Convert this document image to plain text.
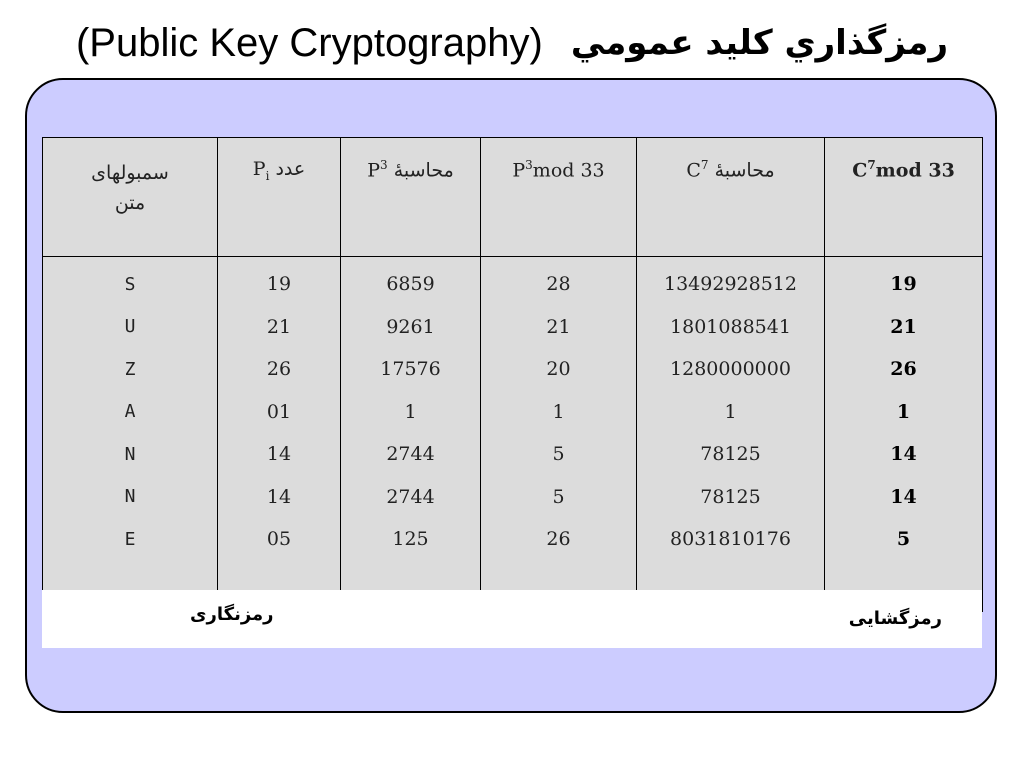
(Public Key Cryptography) رمزگذاري كليد عمومي
سمبولهای متن	$P_i$ عدد	$P^3$ محاسبهٔ	$P^3mod$ 33	$C^7$ محاسبهٔ	$C^7mod$ 33
S	19	6859	28	13492928512	19
U	21	9261	21	1801088541	21
Z	26	17576	20	1280000000	26
A	01	1	1	1	1
N	14	2744	5	78125	14
N	14	2744	5	78125	14
E	05	125	26	8031810176	5

رمزنگاری	رمزگشایی
